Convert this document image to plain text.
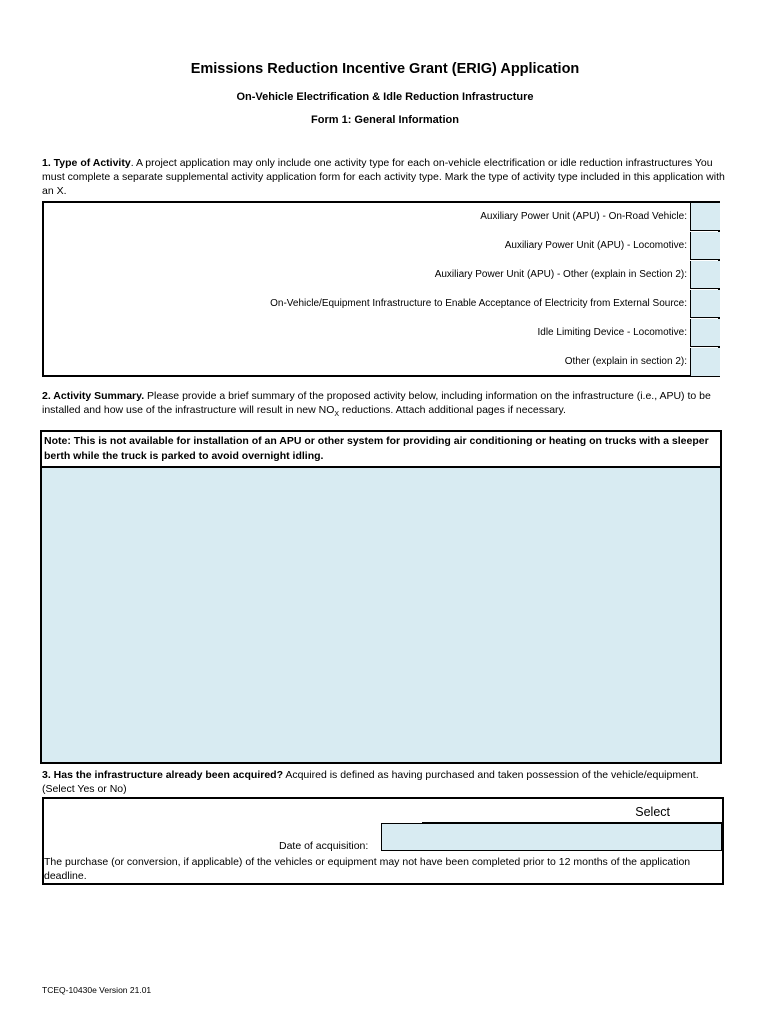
Emissions Reduction Incentive Grant (ERIG) Application
On-Vehicle Electrification & Idle Reduction Infrastructure
Form 1: General Information
1. Type of Activity. A project application may only include one activity type for each on-vehicle electrification or idle reduction infrastructures You must complete a separate supplemental activity application form for each activity type. Mark the type of activity type included in this application with an X.
Auxiliary Power Unit (APU) - On-Road Vehicle:
Auxiliary Power Unit (APU) - Locomotive:
Auxiliary Power Unit (APU) - Other (explain in Section 2):
On-Vehicle/Equipment Infrastructure to Enable Acceptance of Electricity from External Source:
Idle Limiting Device - Locomotive:
Other (explain in section 2):
2. Activity Summary. Please provide a brief summary of the proposed activity below, including information on the infrastructure (i.e., APU) to be installed and how use of the infrastructure will result in new $NO_X$ reductions. Attach additional pages if necessary.
Note: This is not available for installation of an APU or other system for providing air conditioning or heating on trucks with a sleeper berth while the truck is parked to avoid overnight idling.
3. Has the infrastructure already been acquired? Acquired is defined as having purchased and taken possession of the vehicle/equipment. (Select Yes or No)
Select
Date of acquisition:
The purchase (or conversion, if applicable) of the vehicles or equipment may not have been completed prior to 12 months of the application deadline.
TCEQ-10430e Version 21.01
